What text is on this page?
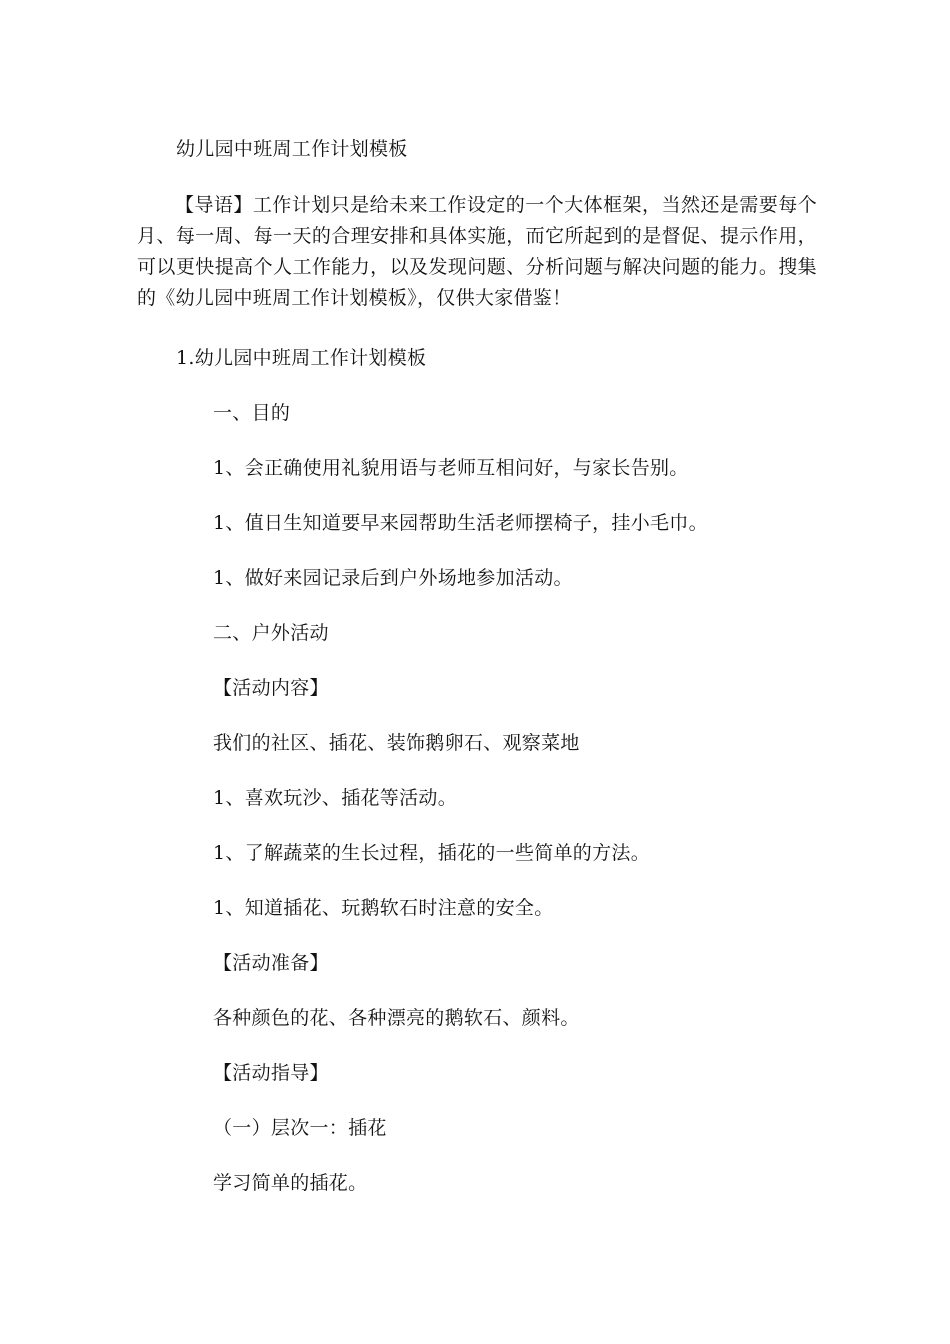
幼儿园中班周工作计划模板
【导语】工作计划只是给未来工作设定的一个大体框架，当然还是需要每个月、每一周、每一天的合理安排和具体实施，而它所起到的是督促、提示作用，可以更快提高个人工作能力，以及发现问题、分析问题与解决问题的能力。搜集的《幼儿园中班周工作计划模板》，仅供大家借鉴！
1.幼儿园中班周工作计划模板
一、目的
1、会正确使用礼貌用语与老师互相问好，与家长告别。
1、值日生知道要早来园帮助生活老师摆椅子，挂小毛巾。
1、做好来园记录后到户外场地参加活动。
二、户外活动
【活动内容】
我们的社区、插花、装饰鹅卵石、观察菜地
1、喜欢玩沙、插花等活动。
1、了解蔬菜的生长过程，插花的一些简单的方法。
1、知道插花、玩鹅软石时注意的安全。
【活动准备】
各种颜色的花、各种漂亮的鹅软石、颜料。
【活动指导】
（一）层次一：插花
学习简单的插花。
